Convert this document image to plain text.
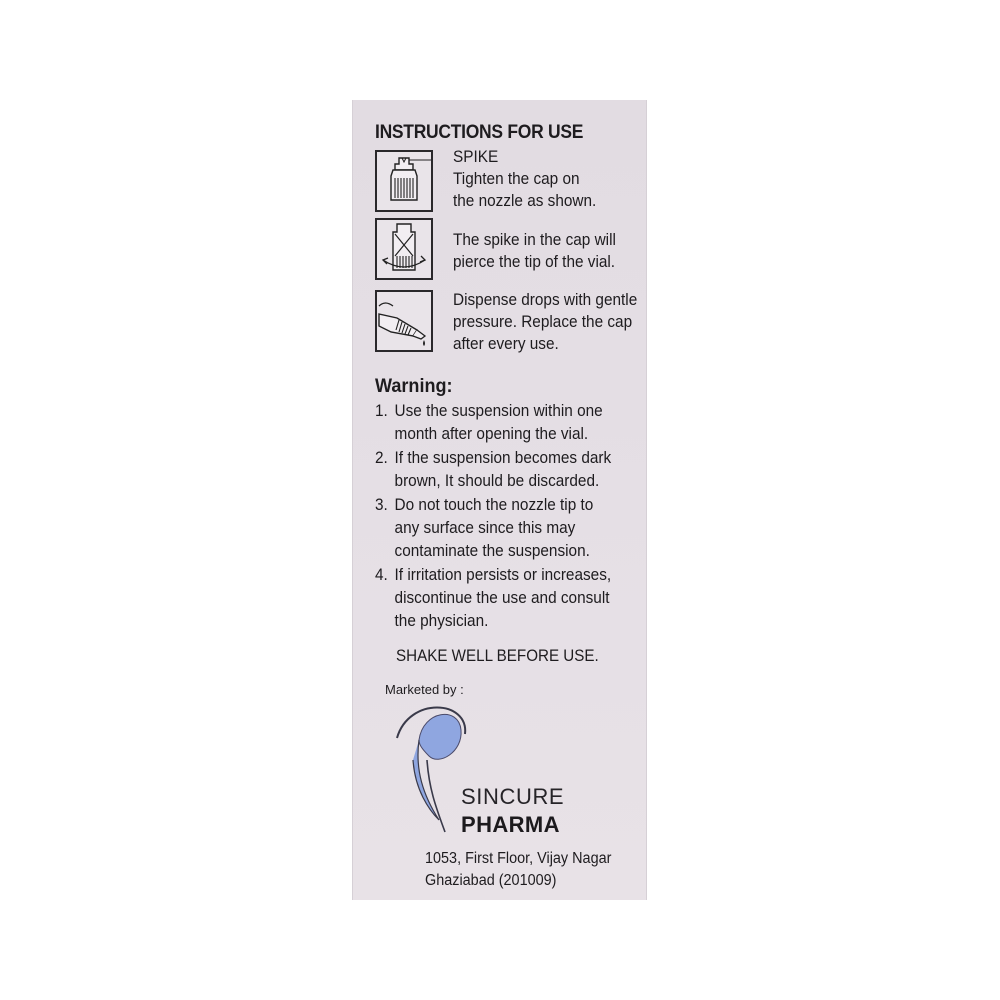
INSTRUCTIONS FOR USE
SPIKE
Tighten the cap on
the nozzle as shown.
The spike in the cap will
pierce the tip of the vial.
Dispense drops with gentle
pressure. Replace the cap
after every use.
Warning:
1. Use the suspension within one
month after opening the vial.
2. If the suspension becomes dark
brown, It should be discarded.
3. Do not touch the nozzle tip to
any surface since this may
contaminate the suspension.
4. If irritation persists or increases,
discontinue the use and consult
the physician.
SHAKE WELL BEFORE USE.
Marketed by :
SINCURE
PHARMA
1053, First Floor, Vijay Nagar
Ghaziabad (201009)
